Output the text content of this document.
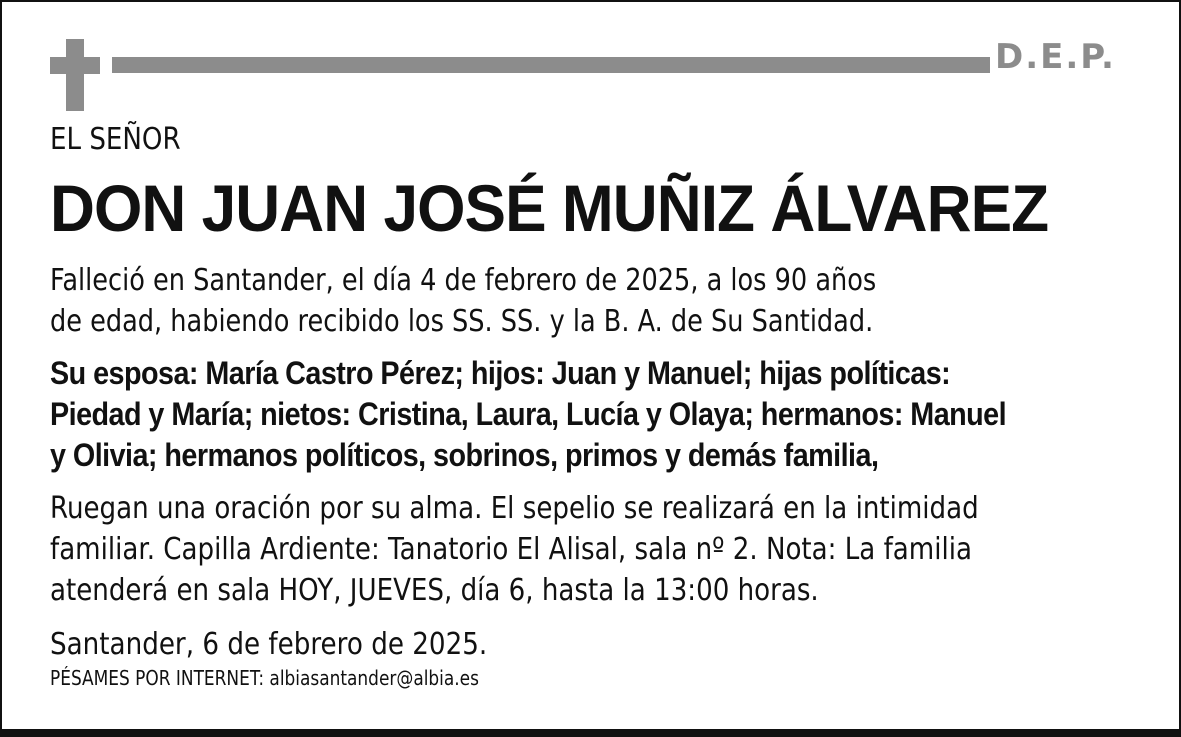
D.E.P.
EL SEÑOR
DON JUAN JOSÉ MUÑIZ ÁLVAREZ
Falleció en Santander, el día 4 de febrero de 2025, a los 90 años
de edad, habiendo recibido los SS. SS. y la B. A. de Su Santidad.
Su esposa: María Castro Pérez; hijos: Juan y Manuel; hijas políticas:
Piedad y María; nietos: Cristina, Laura, Lucía y Olaya; hermanos: Manuel
y Olivia; hermanos políticos, sobrinos, primos y demás familia,
Ruegan una oración por su alma. El sepelio se realizará en la intimidad
familiar. Capilla Ardiente: Tanatorio El Alisal, sala nº 2. Nota: La familia
atenderá en sala HOY, JUEVES, día 6, hasta la 13:00 horas.
Santander, 6 de febrero de 2025.
PÉSAMES POR INTERNET: albiasantander@albia.es
